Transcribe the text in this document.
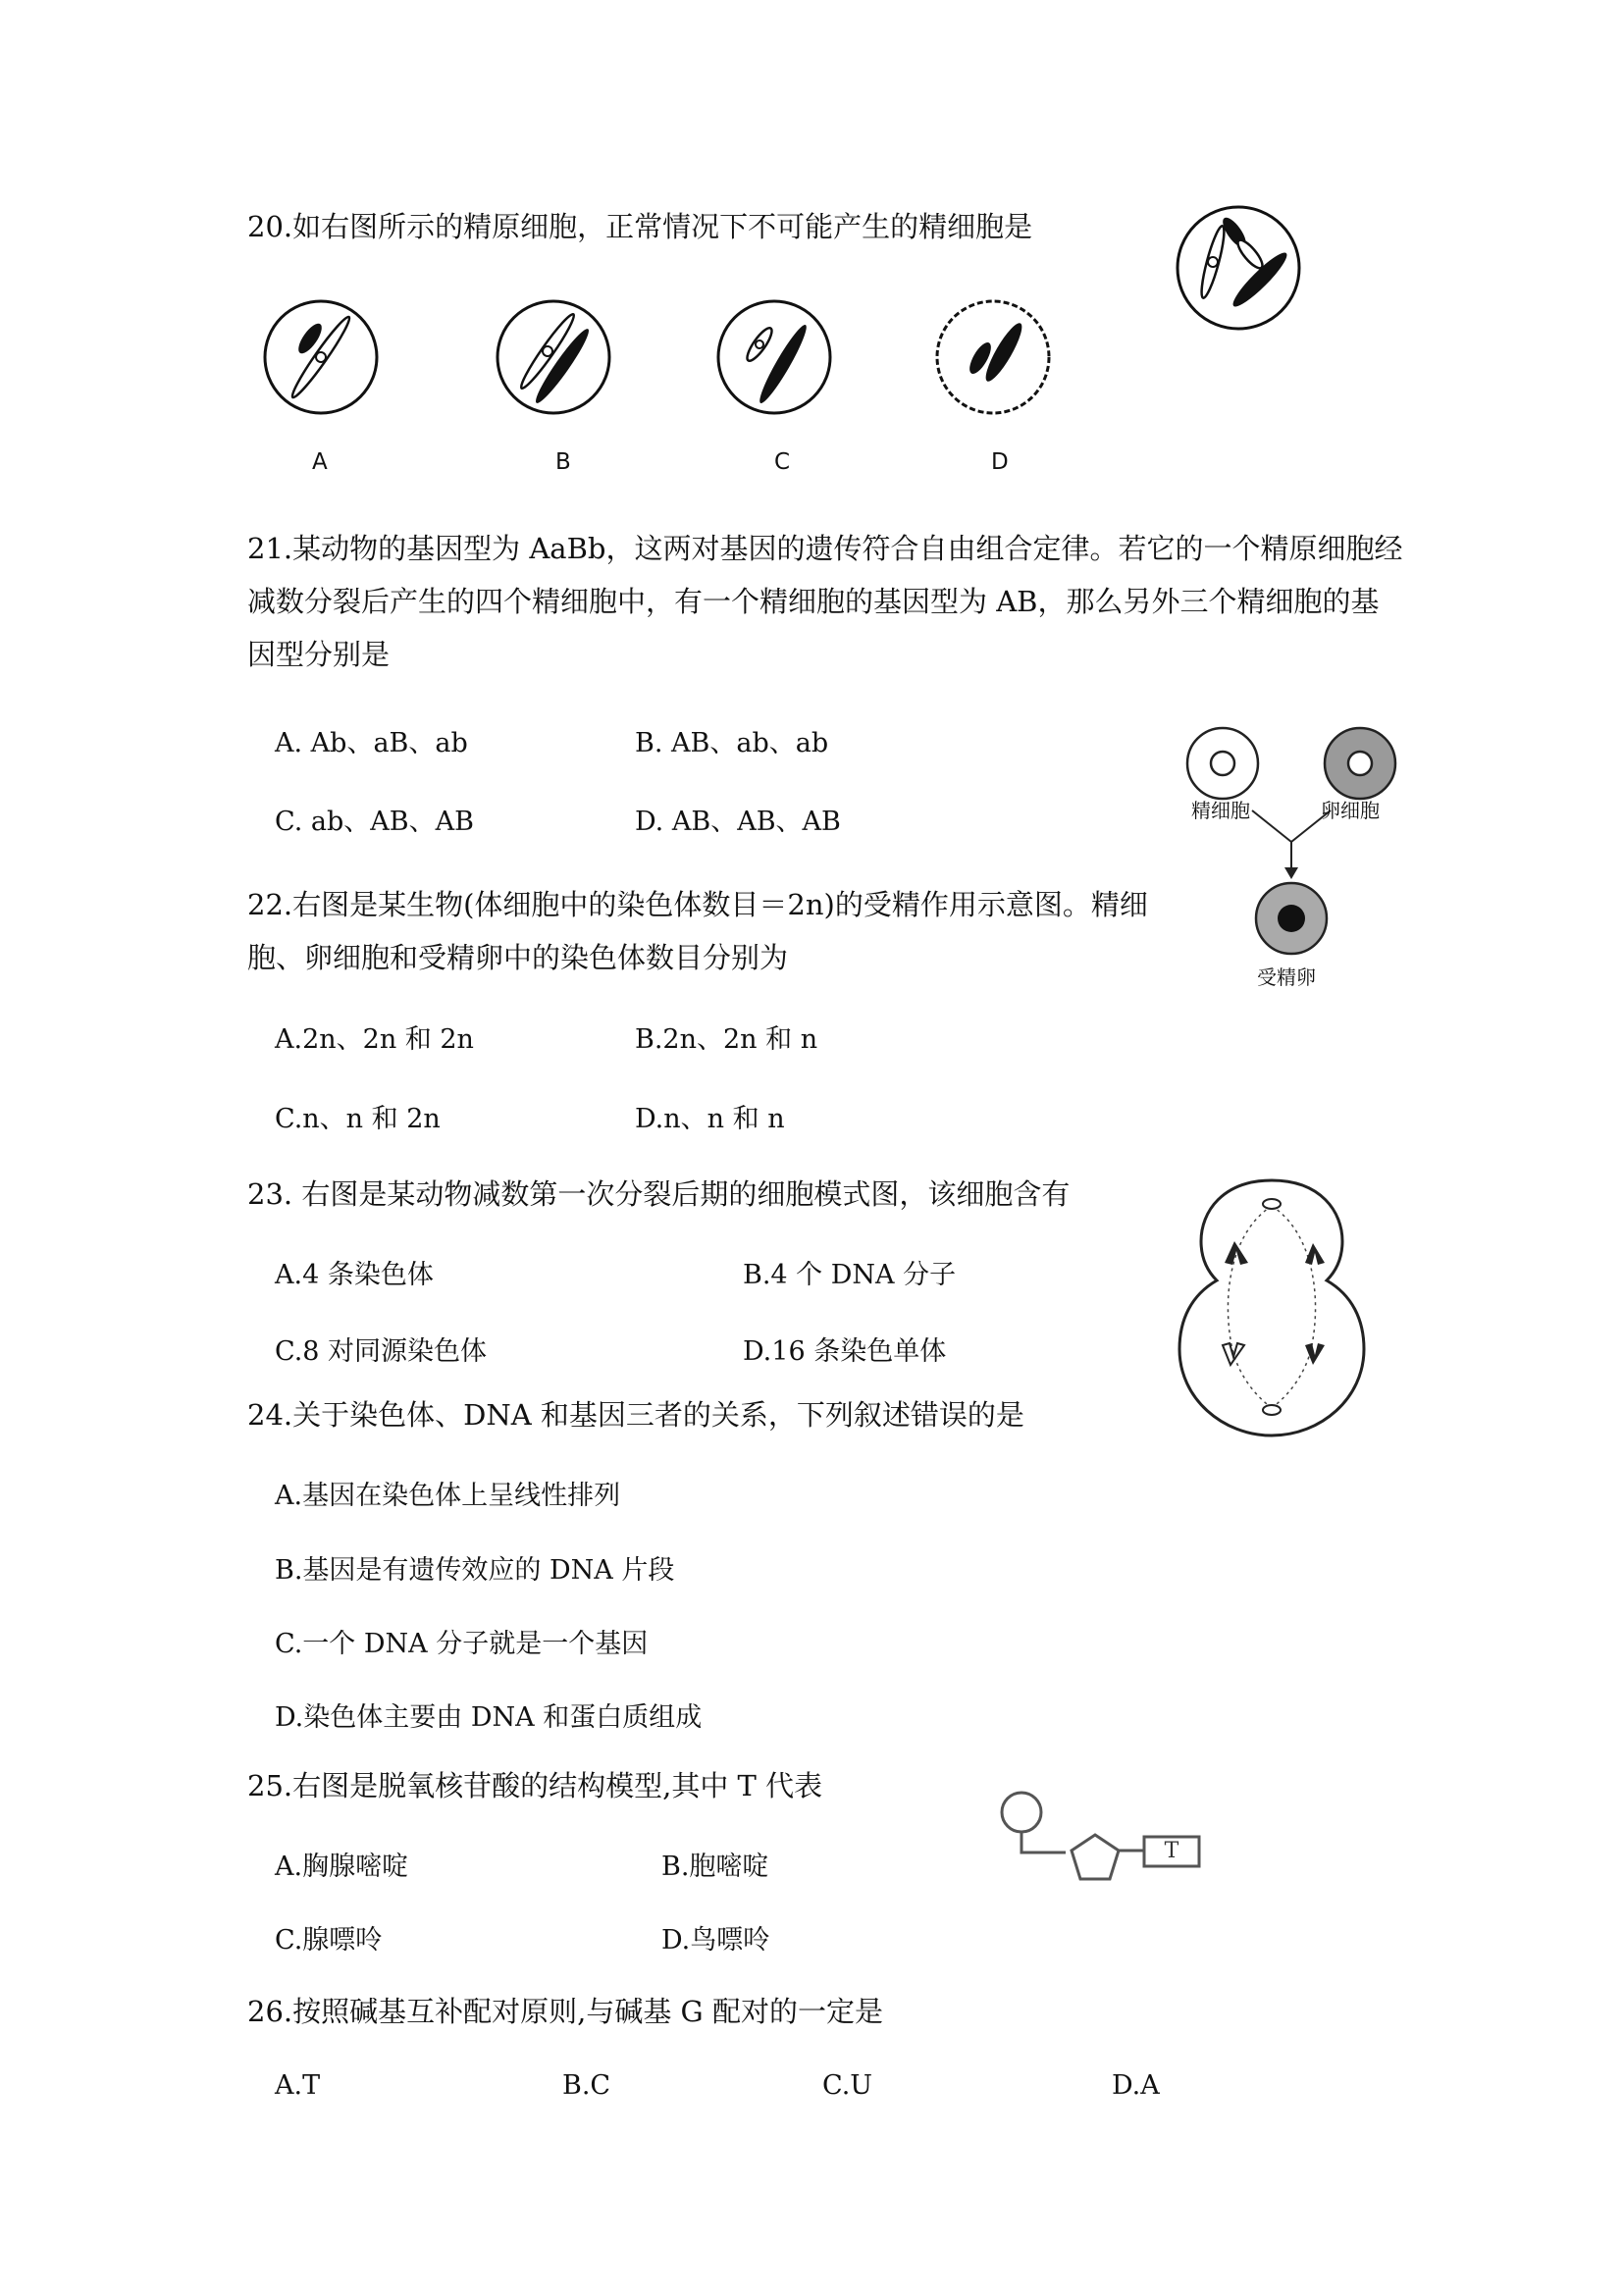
20.如右图所示的精原细胞，正常情况下不可能产生的精细胞是
A	B	C	D
21.某动物的基因型为 AaBb，这两对基因的遗传符合自由组合定律。若它的一个精原细胞经
减数分裂后产生的四个精细胞中，有一个精细胞的基因型为 AB，那么另外三个精细胞的基
因型分别是
A. Ab、aB、ab	B. AB、ab、ab
C. ab、AB、AB	D. AB、AB、AB	精细胞	卵细胞
受精卵
22.右图是某生物(体细胞中的染色体数目＝2n)的受精作用示意图。精细
胞、卵细胞和受精卵中的染色体数目分别为
A.2n、2n 和 2n	B.2n、2n 和 n
C.n、n 和 2n	D.n、n 和 n
23. 右图是某动物减数第一次分裂后期的细胞模式图，该细胞含有
A.4 条染色体	B.4 个 DNA 分子
C.8 对同源染色体	D.16 条染色单体
24.关于染色体、DNA 和基因三者的关系，下列叙述错误的是
A.基因在染色体上呈线性排列
B.基因是有遗传效应的 DNA 片段
C.一个 DNA 分子就是一个基因
D.染色体主要由 DNA 和蛋白质组成
25.右图是脱氧核苷酸的结构模型,其中 T 代表
A.胸腺嘧啶	B.胞嘧啶
C.腺嘌呤	D.鸟嘌呤
T
26.按照碱基互补配对原则,与碱基 G 配对的一定是
A.T	B.C	C.U	D.A
